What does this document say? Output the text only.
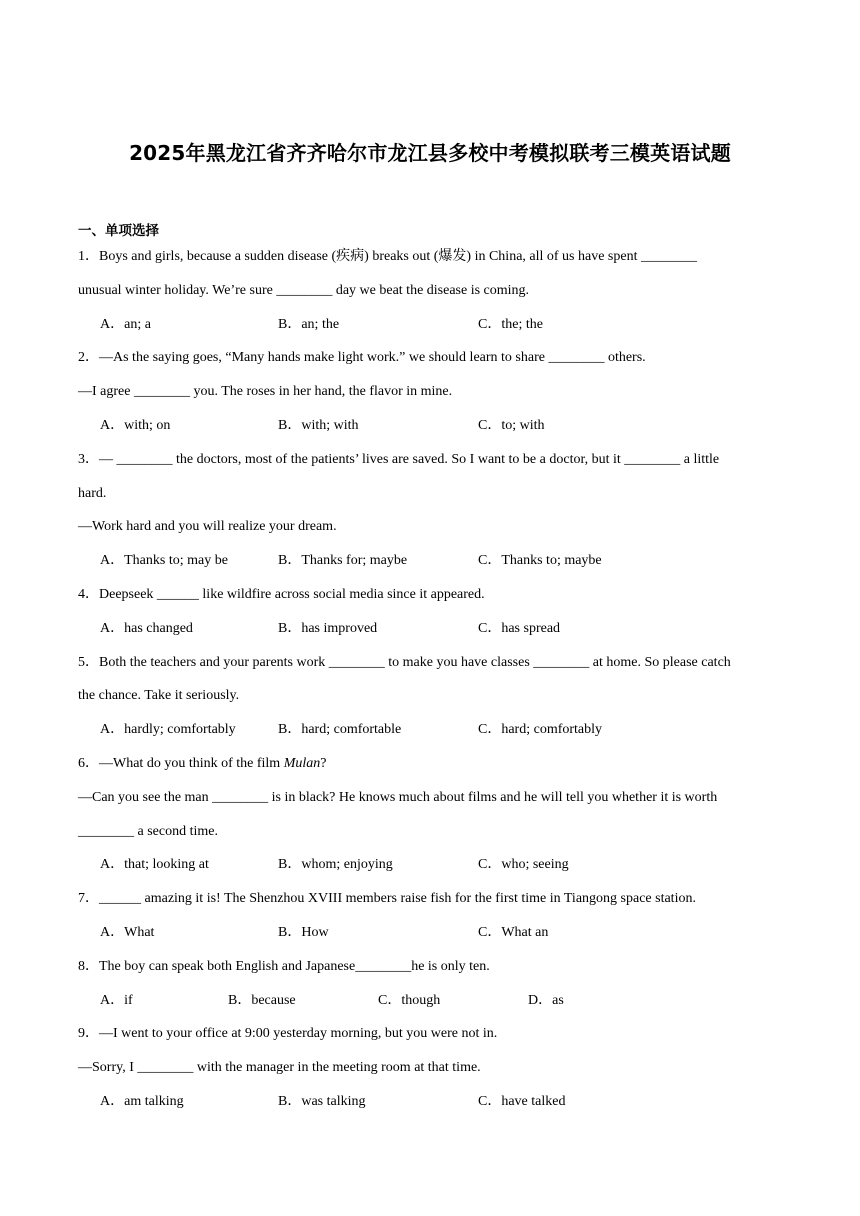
2025年黑龙江省齐齐哈尔市龙江县多校中考模拟联考三模英语试题
一、单项选择
1．Boys and girls, because a sudden disease (疾病) breaks out (爆发) in China, all of us have spent ________
unusual winter holiday. We’re sure ________ day we beat the disease is coming.
A．an; a	B．an; the	C．the; the
2．—As the saying goes, “Many hands make light work.” we should learn to share ________ others.
—I agree ________ you. The roses in her hand, the flavor in mine.
A．with; on	B．with; with	C．to; with
3．— ________ the doctors, most of the patients’ lives are saved. So I want to be a doctor, but it ________ a little
hard.
—Work hard and you will realize your dream.
A．Thanks to; may be	B．Thanks for; maybe	C．Thanks to; maybe
4．Deepseek ______ like wildfire across social media since it appeared.
A．has changed	B．has improved	C．has spread
5．Both the teachers and your parents work ________ to make you have classes ________ at home. So please catch
the chance. Take it seriously.
A．hardly; comfortably	B．hard; comfortable	C．hard; comfortably
6．—What do you think of the film Mulan?
—Can you see the man ________ is in black? He knows much about films and he will tell you whether it is worth
________ a second time.
A．that; looking at	B．whom; enjoying	C．who; seeing
7．______ amazing it is! The Shenzhou XVIII members raise fish for the first time in Tiangong space station.
A．What	B．How	C．What an
8．The boy can speak both English and Japanese________he is only ten.
A．if	B．because	C．though	D．as
9．—I went to your office at 9:00 yesterday morning, but you were not in.
—Sorry, I ________ with the manager in the meeting room at that time.
A．am talking	B．was talking	C．have talked
